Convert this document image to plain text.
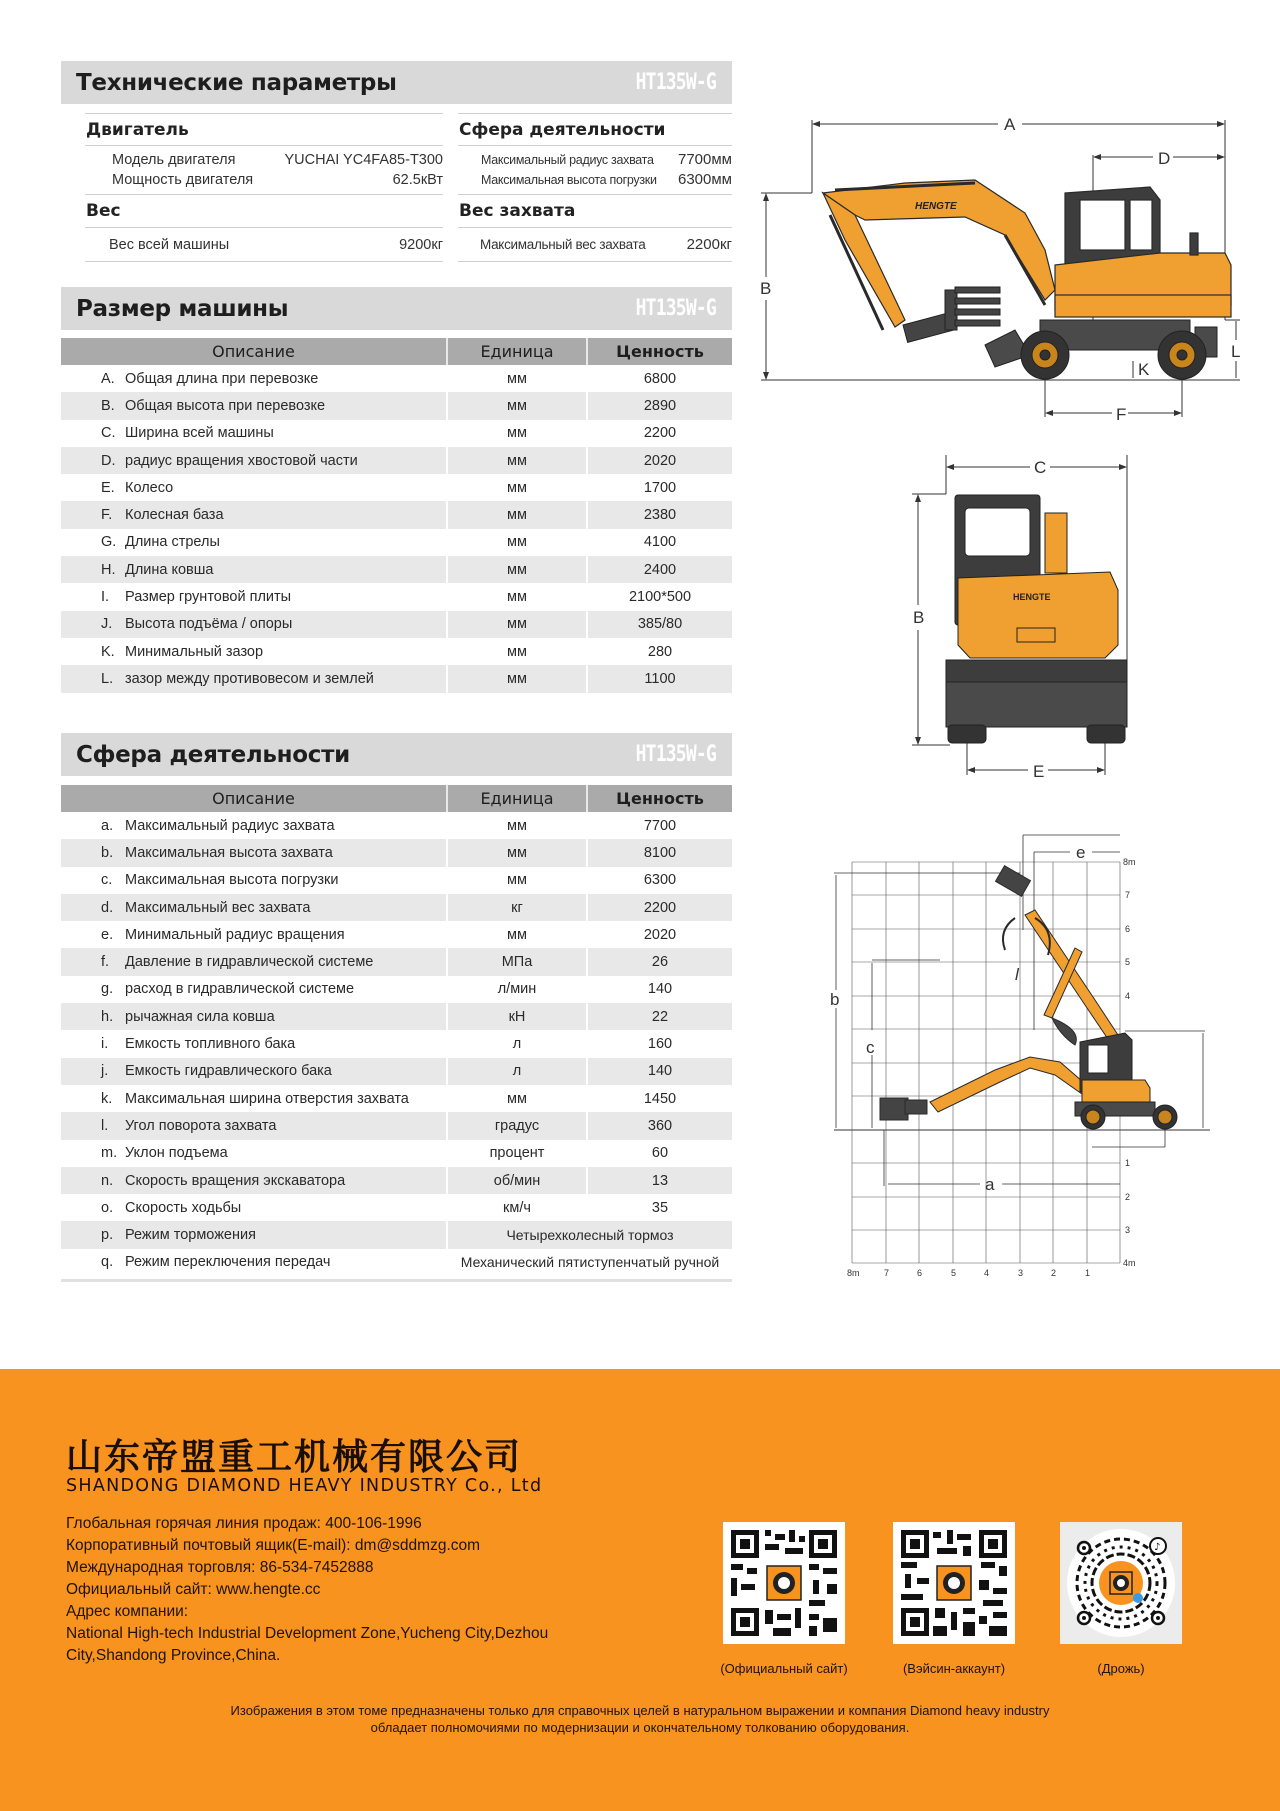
Технические параметры	HT135W-G
Двигатель
Модель двигателя	YUCHAI YC4FA85-T300
Мощность двигателя	62.5кВт
Вес
Вес всей машины	9200кг
Сфера деятельности
Максимальный радиус захвата 7700мм
Максимальная высота погрузки 6300мм
Вес захвата
Максимальный вес захвата	2200кг
Размер машины	HT135W-G
Описание	Единица	Ценность
A. Общая длина при перевозке	мм	6800
B. Общая высота при перевозке	мм	2890
C. Ширина всей машины	мм	2200
D. радиус вращения хвостовой части	мм	2020
E. Колесо	мм	1700
F. Колесная база	мм	2380
G. Длина стрелы	мм	4100
H. Длина ковша	мм	2400
I. Размер грунтовой плиты	мм	2100*500
J. Высота подъёма / опоры	мм	385/80
K. Минимальный зазор	мм	280
L. зазор между противовесом и землей	мм	1100
Сфера деятельности	HT135W-G
Описание	Единица	Ценность
a. Максимальный радиус захвата	мм	7700
b. Максимальная высота захвата	мм	8100
c. Максимальная высота погрузки	мм	6300
d. Максимальный вес захвата	кг	2200
e. Минимальный радиус вращения	мм	2020
f. Давление в гидравлической системе	МПа	26
g. расход в гидравлической системе	л/мин	140
h. рычажная сила ковша	кН	22
i. Емкость топливного бака	л	160
j. Емкость гидравлического бака	л	140
k. Максимальная ширина отверстия захвата	мм	1450
l. Угол поворота захвата	градус	360
m. Уклон подъема	процент	60
n. Скорость вращения экскаватора	об/мин	13
o. Скорость ходьбы	км/ч	35
p. Режим торможения	Четырехколесный тормоз	
q. Режим переключения передач	Механический пятиступенчатый ручной	
A
D
B
F
K
L
HENGTE
C
B
E
HENGTE
e
b
c
a
l
8m
7
6
5
4
1
2
3
4m
8m	7	6	5	4	3	2	1
山东帝盟重工机械有限公司
SHANDONG DIAMOND HEAVY INDUSTRY Co., Ltd
Глобальная горячая линия продаж: 400-106-1996
Корпоративный почтовый ящик(E-mail): dm@sddmzg.com
Международная торговля: 86-534-7452888
Официальный сайт: www.hengte.cc
Адрес компании:
National High-tech Industrial Development Zone,Yucheng City,Dezhou
City,Shandong Province,China.
(Официальный сайт)	(Вэйсин-аккаунт)
♪
(Дрожь)
Изображения в этом томе предназначены только для справочных целей в натуральном выражении и компания Diamond heavy industry
обладает полномочиями по модернизации и окончательному толкованию оборудования.
